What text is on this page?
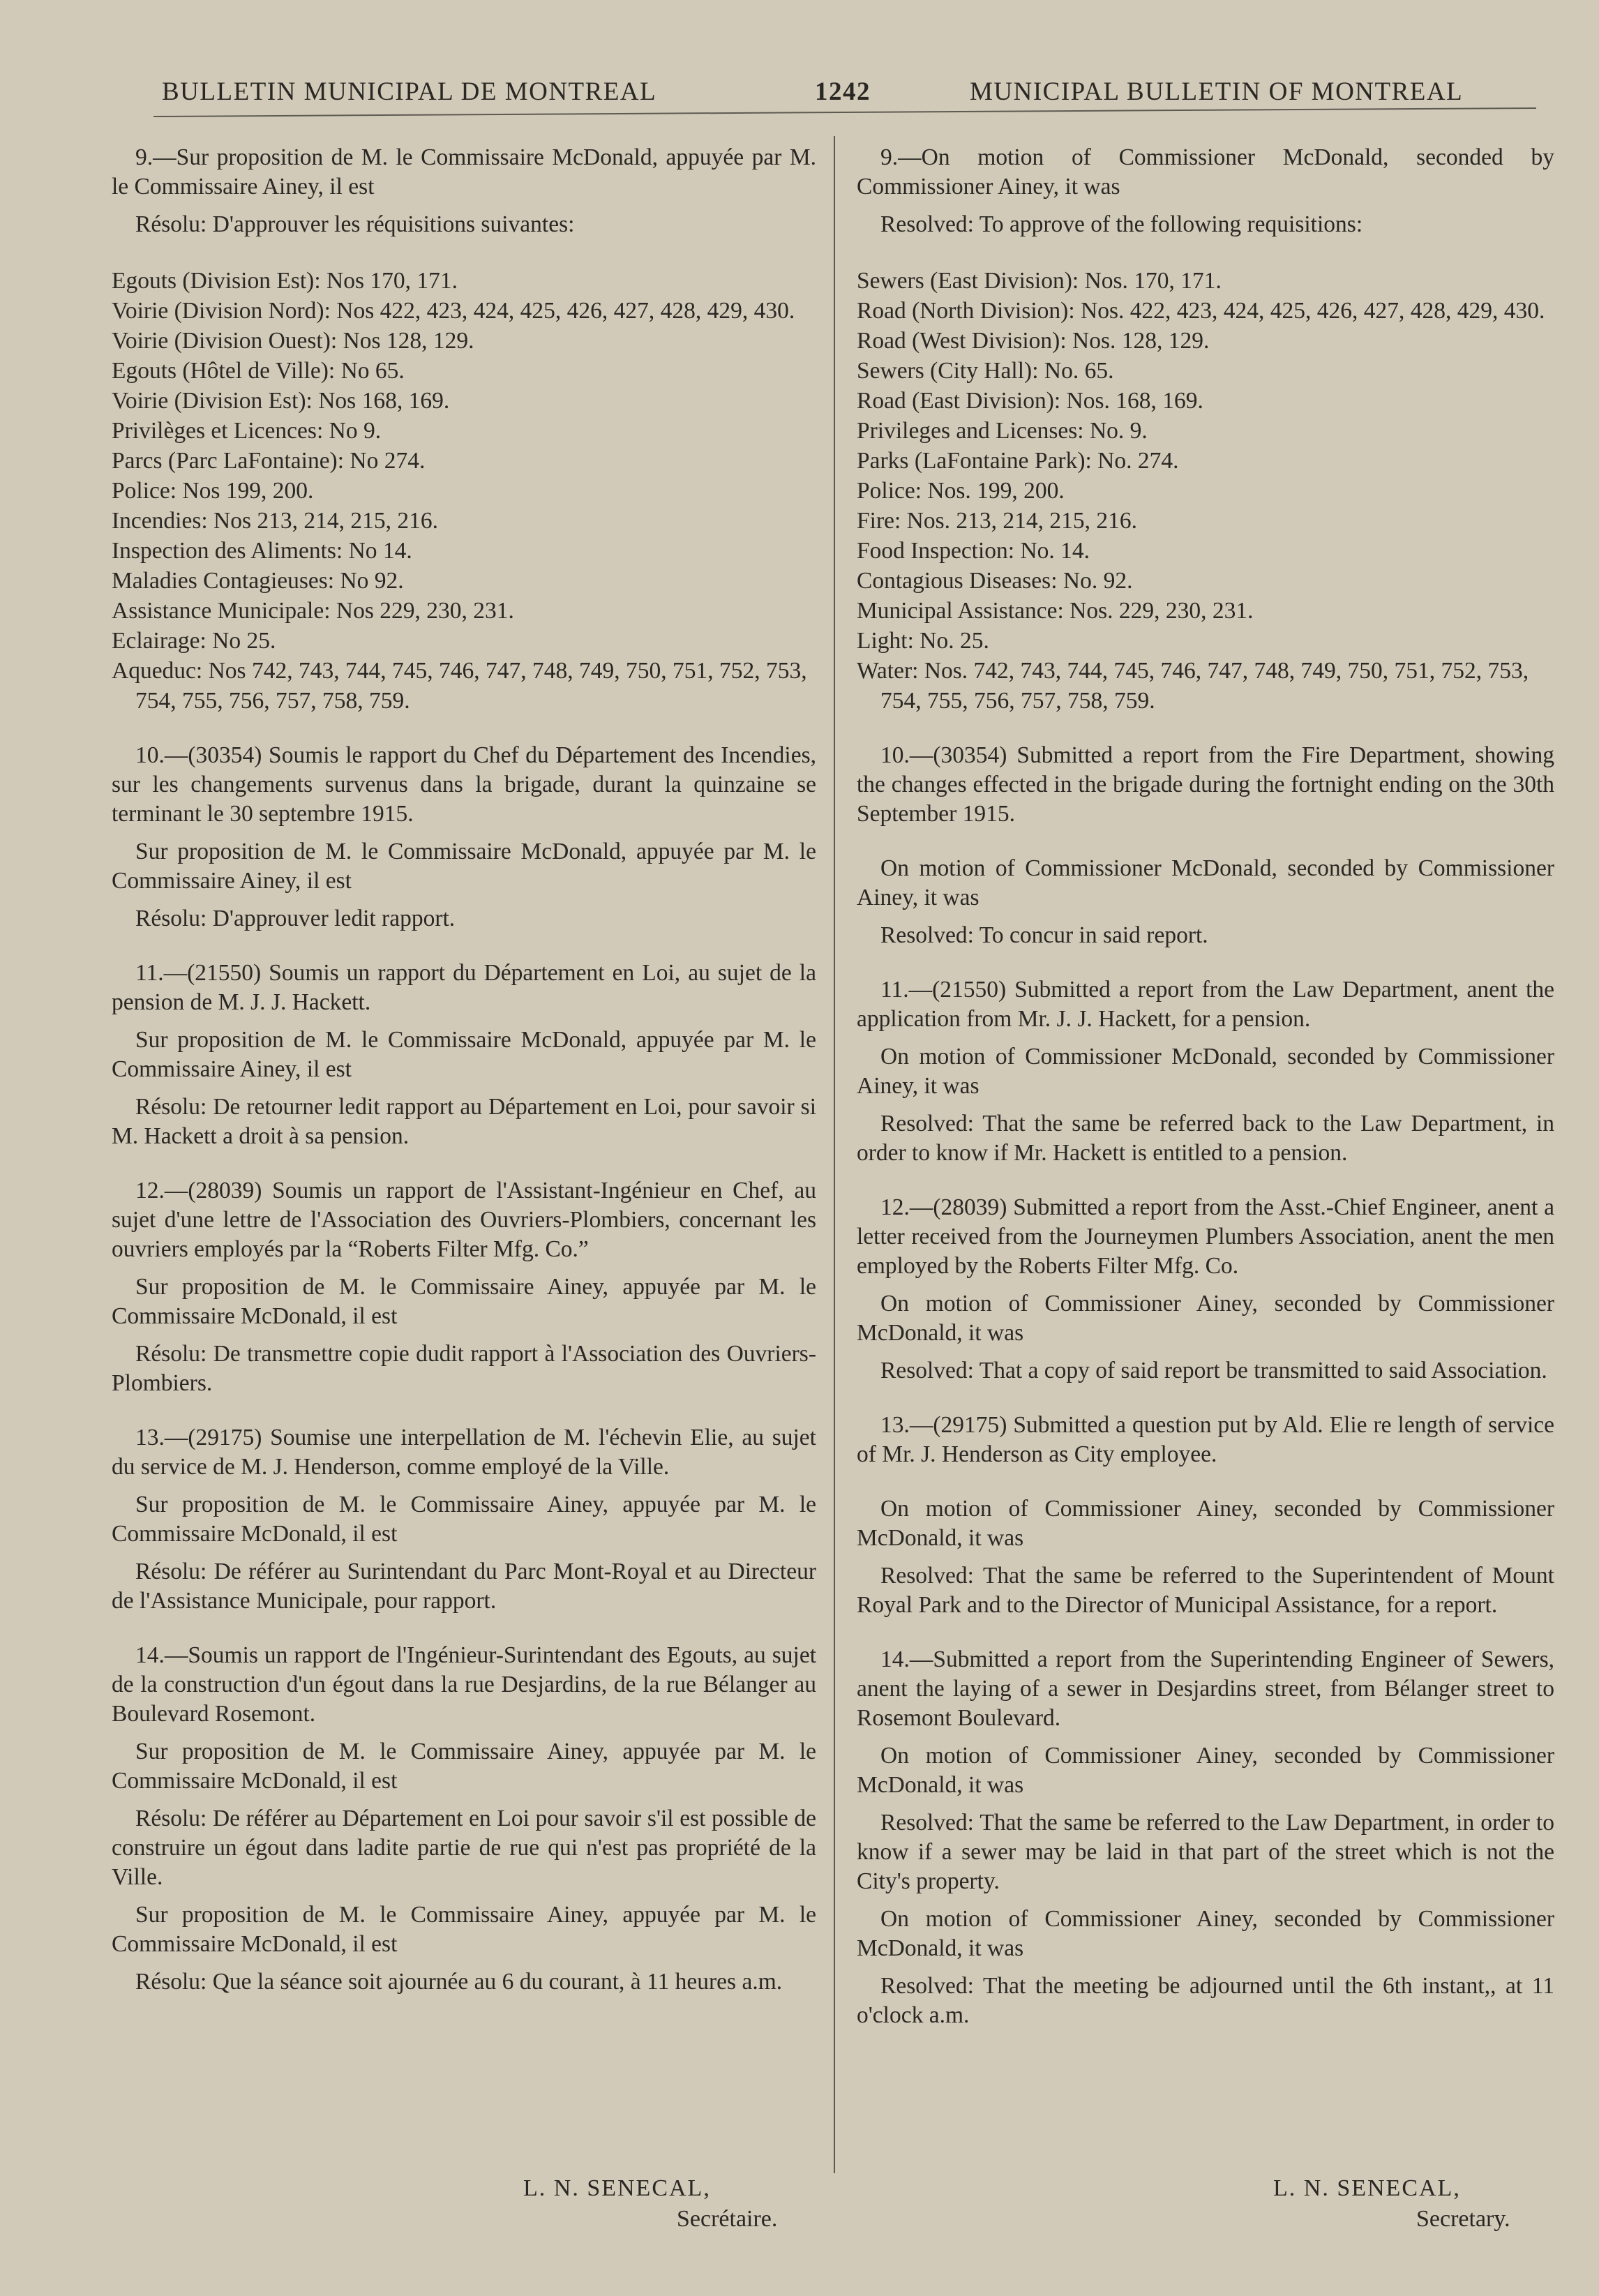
BULLETIN MUNICIPAL DE MONTREAL	1242	MUNICIPAL BULLETIN OF MONTREAL

9.—Sur proposition de M. le Commissaire McDonald, appuyée par M. le Commissaire Ainey, il est

Résolu: D'approuver les réquisitions suivantes:

Egouts (Division Est): Nos 170, 171.
Voirie (Division Nord): Nos 422, 423, 424, 425, 426, 427, 428, 429, 430.
Voirie (Division Ouest): Nos 128, 129.
Egouts (Hôtel de Ville): No 65.
Voirie (Division Est): Nos 168, 169.
Privilèges et Licences: No 9.
Parcs (Parc LaFontaine): No 274.
Police: Nos 199, 200.
Incendies: Nos 213, 214, 215, 216.
Inspection des Aliments: No 14.
Maladies Contagieuses: No 92.
Assistance Municipale: Nos 229, 230, 231.
Eclairage: No 25.
Aqueduc: Nos 742, 743, 744, 745, 746, 747, 748, 749, 750, 751, 752, 753, 754, 755, 756, 757, 758, 759.

10.—(30354) Soumis le rapport du Chef du Département des Incendies, sur les changements survenus dans la brigade, durant la quinzaine se terminant le 30 septembre 1915.

Sur proposition de M. le Commissaire McDonald, appuyée par M. le Commissaire Ainey, il est

Résolu: D'approuver ledit rapport.

11.—(21550) Soumis un rapport du Département en Loi, au sujet de la pension de M. J. J. Hackett.

Sur proposition de M. le Commissaire McDonald, appuyée par M. le Commissaire Ainey, il est

Résolu: De retourner ledit rapport au Département en Loi, pour savoir si M. Hackett a droit à sa pension.

12.—(28039) Soumis un rapport de l'Assistant-Ingénieur en Chef, au sujet d'une lettre de l'Association des Ouvriers-Plombiers, concernant les ouvriers employés par la “Roberts Filter Mfg. Co.”

Sur proposition de M. le Commissaire Ainey, appuyée par M. le Commissaire McDonald, il est

Résolu: De transmettre copie dudit rapport à l'Association des Ouvriers-Plombiers.

13.—(29175) Soumise une interpellation de M. l'échevin Elie, au sujet du service de M. J. Henderson, comme employé de la Ville.

Sur proposition de M. le Commissaire Ainey, appuyée par M. le Commissaire McDonald, il est

Résolu: De référer au Surintendant du Parc Mont-Royal et au Directeur de l'Assistance Municipale, pour rapport.

14.—Soumis un rapport de l'Ingénieur-Surintendant des Egouts, au sujet de la construction d'un égout dans la rue Desjardins, de la rue Bélanger au Boulevard Rosemont.

Sur proposition de M. le Commissaire Ainey, appuyée par M. le Commissaire McDonald, il est

Résolu: De référer au Département en Loi pour savoir s'il est possible de construire un égout dans ladite partie de rue qui n'est pas propriété de la Ville.

Sur proposition de M. le Commissaire Ainey, appuyée par M. le Commissaire McDonald, il est

Résolu: Que la séance soit ajournée au 6 du courant, à 11 heures a.m.

9.—On motion of Commissioner McDonald, seconded by Commissioner Ainey, it was

Resolved: To approve of the following requisitions:

Sewers (East Division): Nos. 170, 171.
Road (North Division): Nos. 422, 423, 424, 425, 426, 427, 428, 429, 430.
Road (West Division): Nos. 128, 129.
Sewers (City Hall): No. 65.
Road (East Division): Nos. 168, 169.
Privileges and Licenses: No. 9.
Parks (LaFontaine Park): No. 274.
Police: Nos. 199, 200.
Fire: Nos. 213, 214, 215, 216.
Food Inspection: No. 14.
Contagious Diseases: No. 92.
Municipal Assistance: Nos. 229, 230, 231.
Light: No. 25.
Water: Nos. 742, 743, 744, 745, 746, 747, 748, 749, 750, 751, 752, 753, 754, 755, 756, 757, 758, 759.

10.—(30354) Submitted a report from the Fire Department, showing the changes effected in the brigade during the fortnight ending on the 30th September 1915.

On motion of Commissioner McDonald, seconded by Commissioner Ainey, it was

Resolved: To concur in said report.

11.—(21550) Submitted a report from the Law Department, anent the application from Mr. J. J. Hackett, for a pension.

On motion of Commissioner McDonald, seconded by Commissioner Ainey, it was

Resolved: That the same be referred back to the Law Department, in order to know if Mr. Hackett is entitled to a pension.

12.—(28039) Submitted a report from the Asst.-Chief Engineer, anent a letter received from the Journeymen Plumbers Association, anent the men employed by the Roberts Filter Mfg. Co.

On motion of Commissioner Ainey, seconded by Commissioner McDonald, it was

Resolved: That a copy of said report be transmitted to said Association.

13.—(29175) Submitted a question put by Ald. Elie re length of service of Mr. J. Henderson as City employee.

On motion of Commissioner Ainey, seconded by Commissioner McDonald, it was

Resolved: That the same be referred to the Superintendent of Mount Royal Park and to the Director of Municipal Assistance, for a report.

14.—Submitted a report from the Superintending Engineer of Sewers, anent the laying of a sewer in Desjardins street, from Bélanger street to Rosemont Boulevard.

On motion of Commissioner Ainey, seconded by Commissioner McDonald, it was

Resolved: That the same be referred to the Law Department, in order to know if a sewer may be laid in that part of the street which is not the City's property.

On motion of Commissioner Ainey, seconded by Commissioner McDonald, it was

Resolved: That the meeting be adjourned until the 6th instant,, at 11 o'clock a.m.

L. N. SENECAL,
Secrétaire.
L. N. SENECAL,
Secretary.
